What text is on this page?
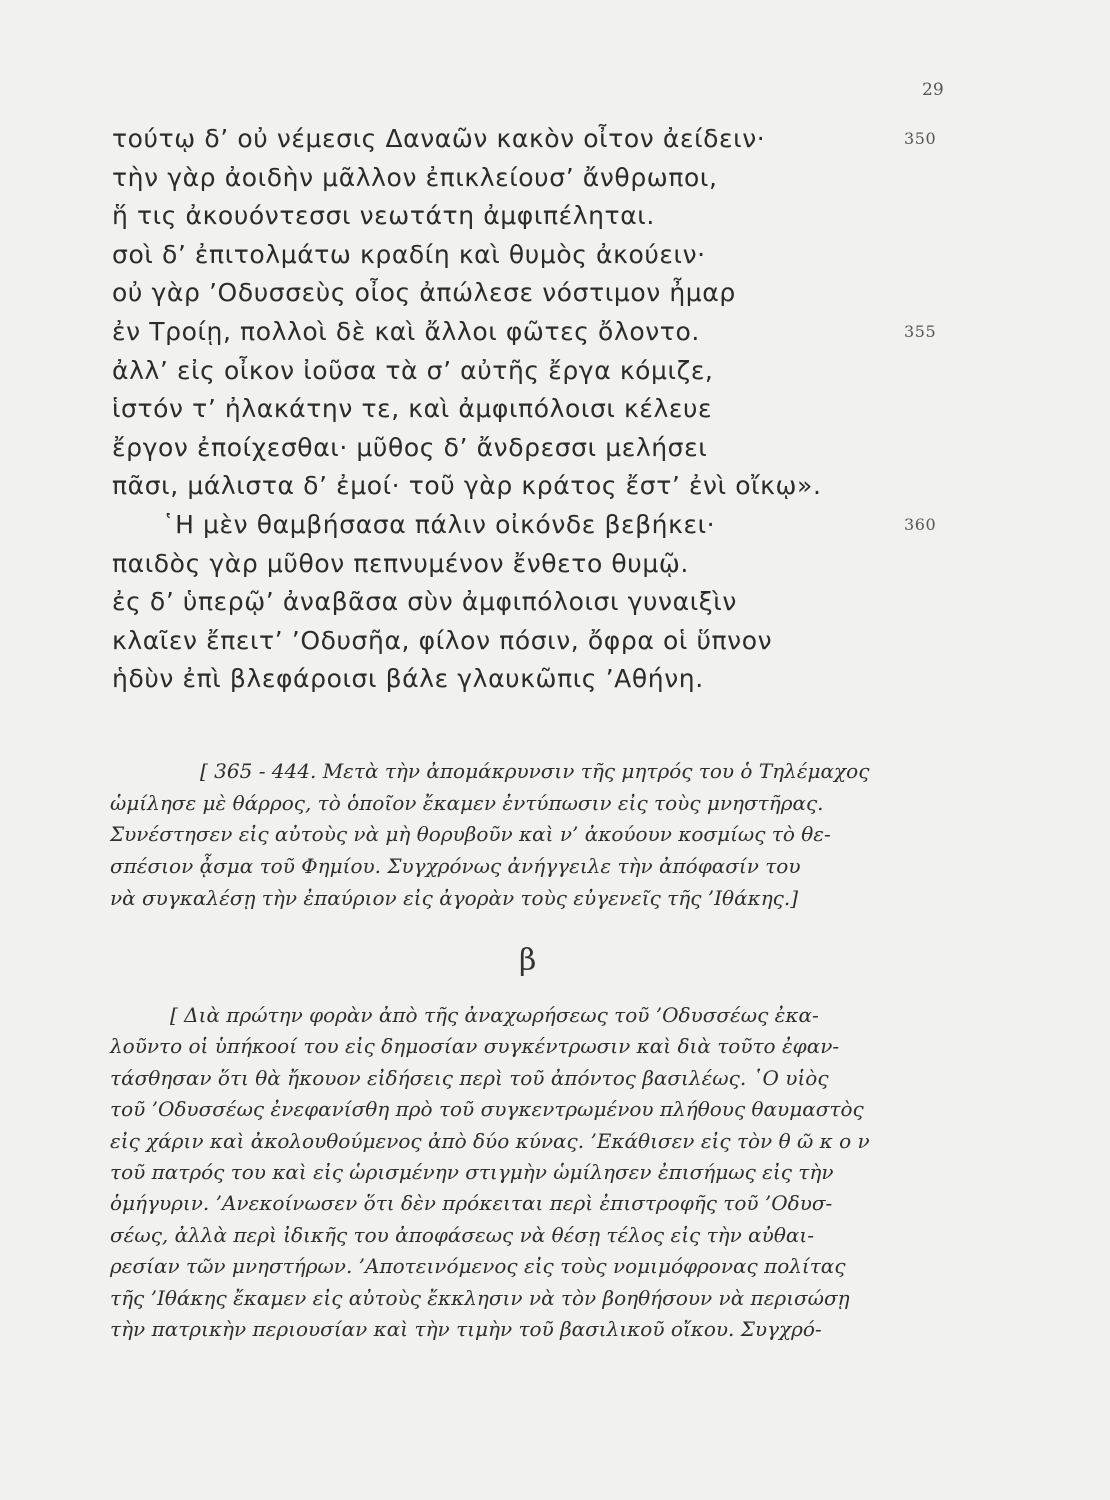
29
τούτῳ δ’ οὐ νέμεσις Δαναῶν κακὸν οἶτον ἀείδειν·	350
τὴν γὰρ ἀοιδὴν μᾶλλον ἐπικλείουσ’ ἄνθρωποι,
ἥ τις ἀκουόντεσσι νεωτάτη ἀμφιπέληται.
σοὶ δ’ ἐπιτολμάτω κραδίη καὶ θυμὸς ἀκούειν·
οὐ γὰρ ’Οδυσσεὺς οἶος ἀπώλεσε νόστιμον ἦμαρ
ἐν Τροίῃ, πολλοὶ δὲ καὶ ἄλλοι φῶτες ὄλοντο.	355
ἀλλ’ εἰς οἶκον ἰοῦσα τὰ σ’ αὐτῆς ἔργα κόμιζε,
ἱστόν τ’ ἠλακάτην τε, καὶ ἀμφιπόλοισι κέλευε
ἔργον ἐποίχεσθαι· μῦθος δ’ ἄνδρεσσι μελήσει
πᾶσι, μάλιστα δ’ ἐμοί· τοῦ γὰρ κράτος ἔστ’ ἐνὶ οἴκῳ».
῾Η μὲν θαμβήσασα πάλιν οἰκόνδε βεβήκει·	360
παιδὸς γὰρ μῦθον πεπνυμένον ἔνθετο θυμῷ.
ἐς δ’ ὑπερῷ’ ἀναβᾶσα σὺν ἀμφιπόλοισι γυναιξὶν
κλαῖεν ἔπειτ’ ’Οδυσῆα, φίλον πόσιν, ὄφρα οἱ ὕπνον
ἡδὺν ἐπὶ βλεφάροισι βάλε γλαυκῶπις ’Αθήνη.
[ 365 - 444. Μετὰ τὴν ἀπομάκρυνσιν τῆς μητρός του ὁ Τηλέμαχος
ὡμίλησε μὲ θάρρος, τὸ ὁποῖον ἔκαμεν ἐντύπωσιν εἰς τοὺς μνηστῆρας.
Συνέστησεν εἰς αὐτοὺς νὰ μὴ θορυβοῦν καὶ ν’ ἀκούουν κοσμίως τὸ θε-
σπέσιον ᾆσμα τοῦ Φημίου. Συγχρόνως ἀνήγγειλε τὴν ἀπόφασίν του
νὰ συγκαλέσῃ τὴν ἐπαύριον εἰς ἀγορὰν τοὺς εὐγενεῖς τῆς ’Ιθάκης.]
β
[ Διὰ πρώτην φορὰν ἀπὸ τῆς ἀναχωρήσεως τοῦ ’Οδυσσέως ἐκα-
λοῦντο οἱ ὑπήκοοί του εἰς δημοσίαν συγκέντρωσιν καὶ διὰ τοῦτο ἐφαν-
τάσθησαν ὅτι θὰ ἤκουον εἰδήσεις περὶ τοῦ ἀπόντος βασιλέως. ῾Ο υἱὸς
τοῦ ’Οδυσσέως ἐνεφανίσθη πρὸ τοῦ συγκεντρωμένου πλήθους θαυμαστὸς
εἰς χάριν καὶ ἀκολουθούμενος ἀπὸ δύο κύνας. ’Εκάθισεν εἰς τὸν θ ῶ κ ο ν
τοῦ πατρός του καὶ εἰς ὡρισμένην στιγμὴν ὡμίλησεν ἐπισήμως εἰς τὴν
ὁμήγυριν. ’Ανεκοίνωσεν ὅτι δὲν πρόκειται περὶ ἐπιστροφῆς τοῦ ’Οδυσ-
σέως, ἀλλὰ περὶ ἰδικῆς του ἀποφάσεως νὰ θέσῃ τέλος εἰς τὴν αὐθαι-
ρεσίαν τῶν μνηστήρων. ’Αποτεινόμενος εἰς τοὺς νομιμόφρονας πολίτας
τῆς ’Ιθάκης ἔκαμεν εἰς αὐτοὺς ἔκκλησιν νὰ τὸν βοηθήσουν νὰ περισώσῃ
τὴν πατρικὴν περιουσίαν καὶ τὴν τιμὴν τοῦ βασιλικοῦ οἴκου. Συγχρό-
